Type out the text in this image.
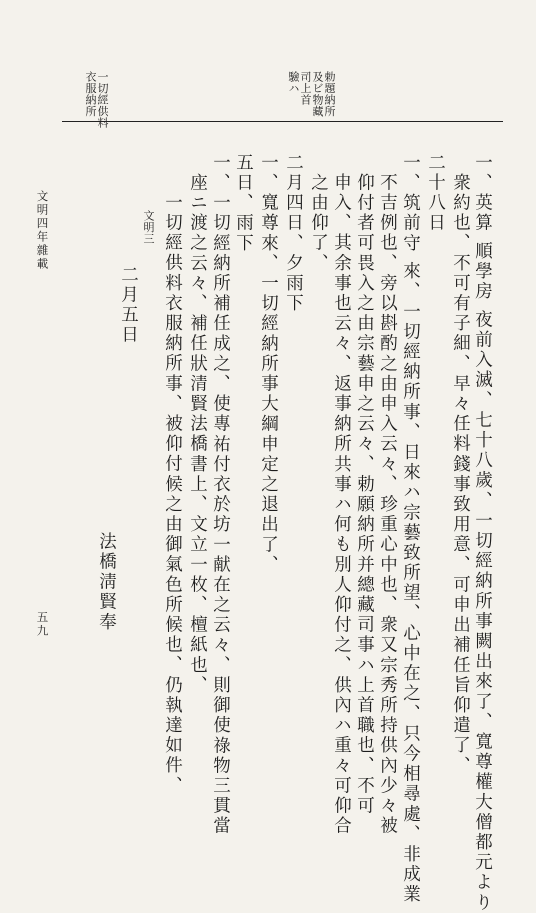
勅題納所
及ビ物藏
司上首
驗ハ
一切經供料
衣服納所
一、英算 順學房 夜前入滅、七十八歲、一切經納所事闕出來了、寬尊權大僧都元より
衆約也、不可有子細、早々任料錢事致用意、可申出補任旨仰遣了、
二十八日
一、筑前守 來、一切經納所事、日來ハ宗藝致所望、心中在之、只今相尋處、非成業
不吉例也、旁以斟酌之由申入云々、珍重心中也、衆又宗秀所持供內少々被
仰付者可畏入之由宗藝申之云々、勅願納所并總藏司事ハ上首職也、不可
申入、其余事也云々、返事納所共事ハ何も別人仰付之、供內ハ重々可仰合
之由仰了、
二月四日、夕雨下
一、寬尊來、一切經納所事大綱申定之退出了、
五日、雨下
一、一切經納所補任成之、使專祐付衣於坊一献在之云々、則御使祿物三貫當
座ニ渡之云々、補任狀清賢法橋書上、文立一枚、檀紙也、
一切經供料衣服納所事、被仰付候之由御氣色所候也、仍執達如件、
文明三
二月五日
法橋淸賢奉
文明四年雜載
五九
